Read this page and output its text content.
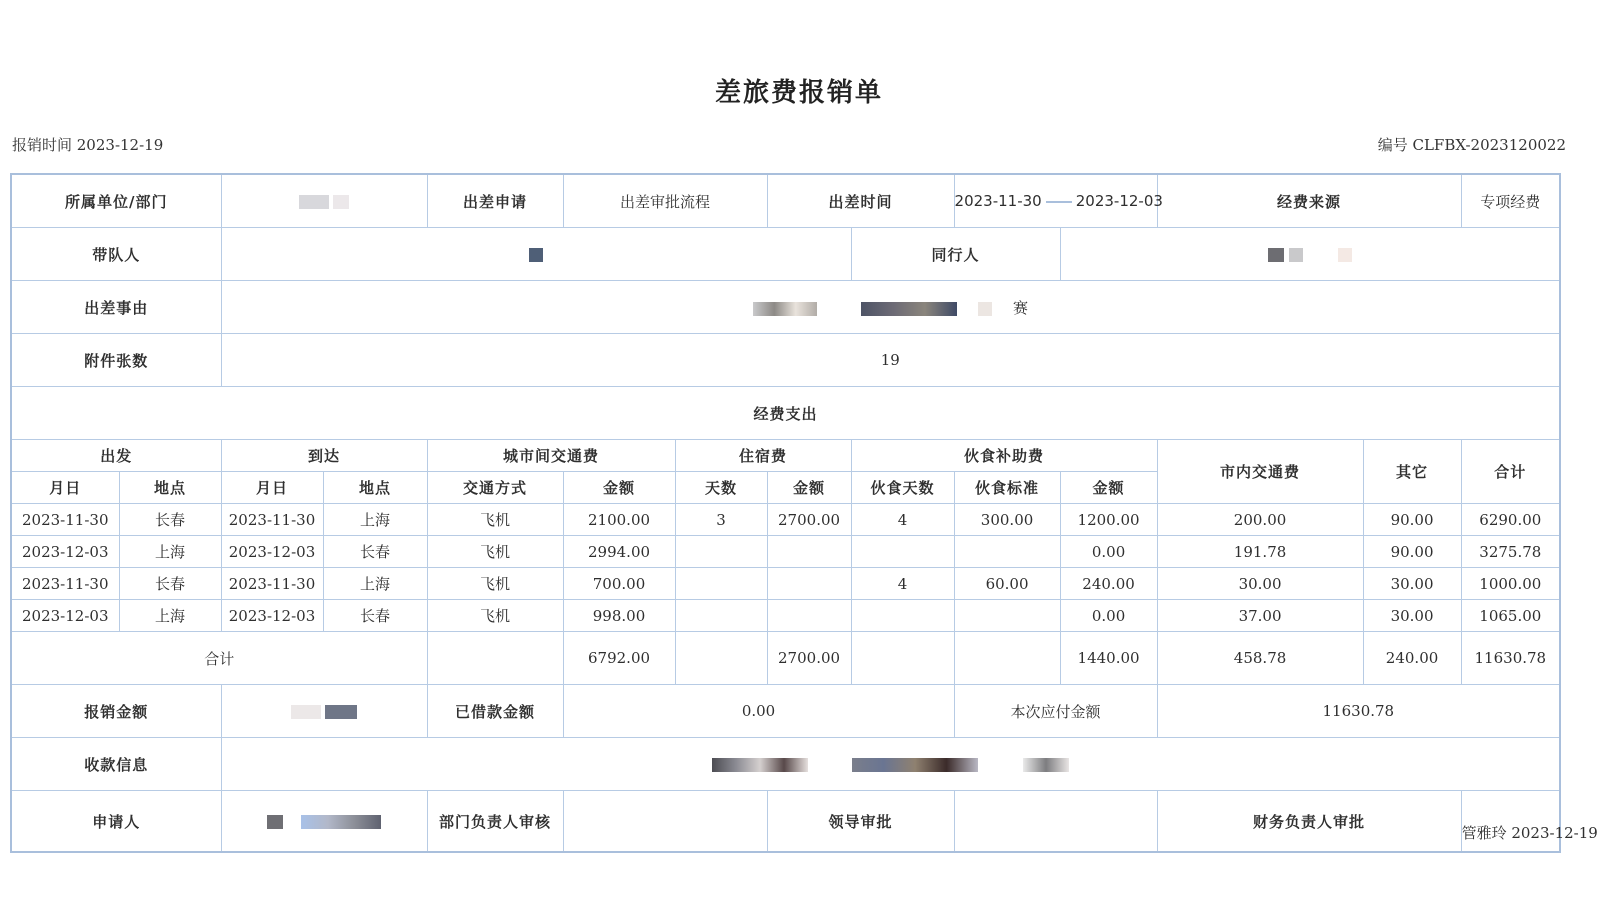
差旅费报销单
报销时间 2023-12-19	编号 CLFBX-2023120022
所属单位/部门				出差申请	出差审批流程		出差时间		2023-11-30 2023-12-03		经费来源		专项经费
带队人								同行人					
出差事由		赛											
附件张数		19											
经费支出													
出发		到达		城市间交通费		住宿费		伙食补助费			市内交通费	其它	合计
月日	地点	月日	地点	交通方式	金额	天数	金额	伙食天数	伙食标准	金额			
2023-11-30	长春	2023-11-30	上海	飞机	2100.00	3	2700.00	4	300.00	1200.00	200.00	90.00	6290.00
2023-12-03	上海	2023-12-03	长春	飞机	2994.00					0.00	191.78	90.00	3275.78
2023-11-30	长春	2023-11-30	上海	飞机	700.00			4	60.00	240.00	30.00	30.00	1000.00
2023-12-03	上海	2023-12-03	长春	飞机	998.00					0.00	37.00	30.00	1065.00
合计					6792.00		2700.00			1440.00	458.78	240.00	11630.78
报销金额				已借款金额	0.00				本次应付金额		11630.78		
收款信息													
申请人				部门负责人审核			领导审批				财务负责人审批		管雅玲 2023-12-19
